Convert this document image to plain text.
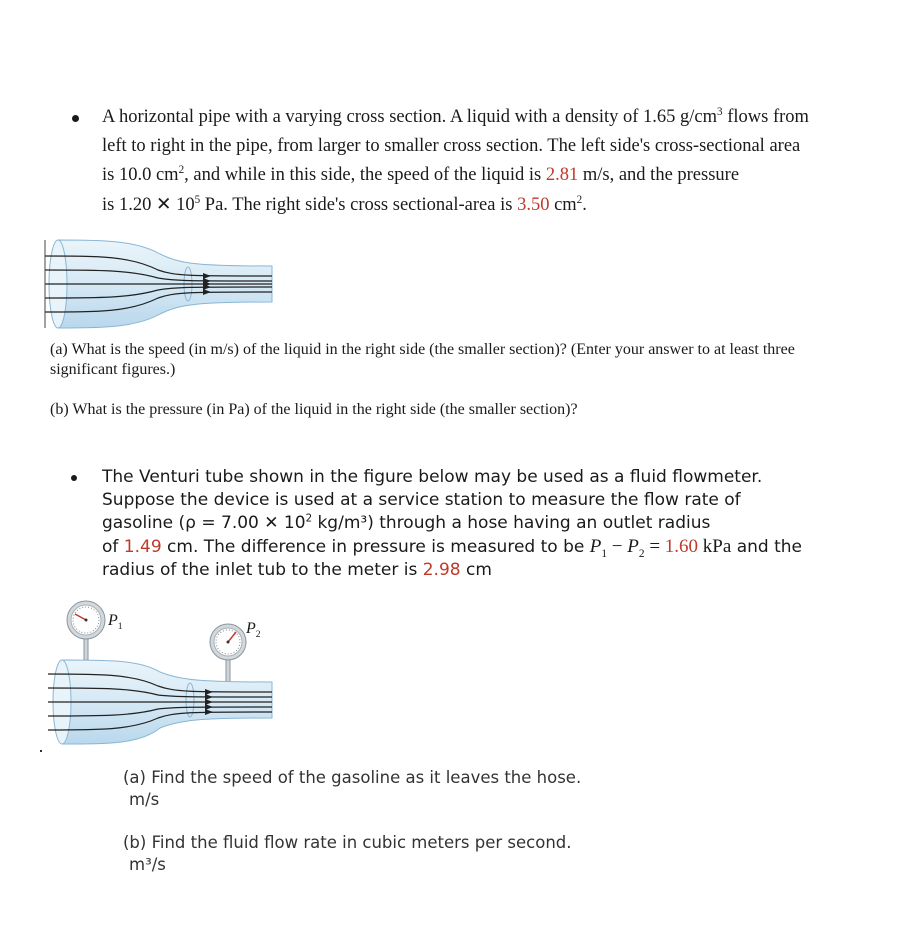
A horizontal pipe with a varying cross section. A liquid with a density of 1.65 $g/cm^3$ flows from
left to right in the pipe, from larger to smaller cross section. The left side's cross-sectional area
is 10.0 $cm^2$, and while in this side, the speed of the liquid is 2.81 m/s, and the pressure
is 1.20 ✕ $10^5$ Pa. The right side's cross sectional-area is 3.50 $cm^2$.
(a) What is the speed (in m/s) of the liquid in the right side (the smaller section)? (Enter your answer to at least three significant figures.)
(b) What is the pressure (in Pa) of the liquid in the right side (the smaller section)?
The Venturi tube shown in the figure below may be used as a fluid flowmeter.
Suppose the device is used at a service station to measure the flow rate of
gasoline (ρ = 7.00 ✕ $10^2$ kg/m³) through a hose having an outlet radius
of 1.49 cm. The difference in pressure is measured to be $P_1 - P_2 = 1.60$ kPa and the
radius of the inlet tub to the meter is 2.98 cm
$P_1$	$P_2$
(a) Find the speed of the gasoline as it leaves the hose.
m/s
(b) Find the fluid flow rate in cubic meters per second.
m³/s
